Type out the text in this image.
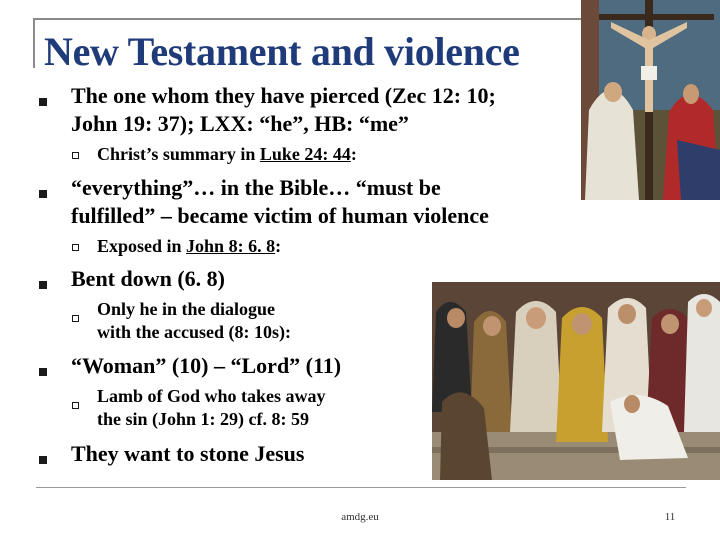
New Testament and violence

The one whom they have pierced (Zec 12: 10;

John 19: 37); LXX: “he”, HB: “me”

Christ’s summary in Luke 24: 44:

“everything”… in the Bible… “must be

fulfilled” – became victim of human violence

Exposed in John 8: 6. 8:

Bent down (6. 8)

Only he in the dialogue

with the accused (8: 10s):

“Woman” (10) – “Lord” (11)

Lamb of God who takes away

the sin (John 1: 29) cf. 8: 59

They want to stone Jesus

amdg.eu	11
